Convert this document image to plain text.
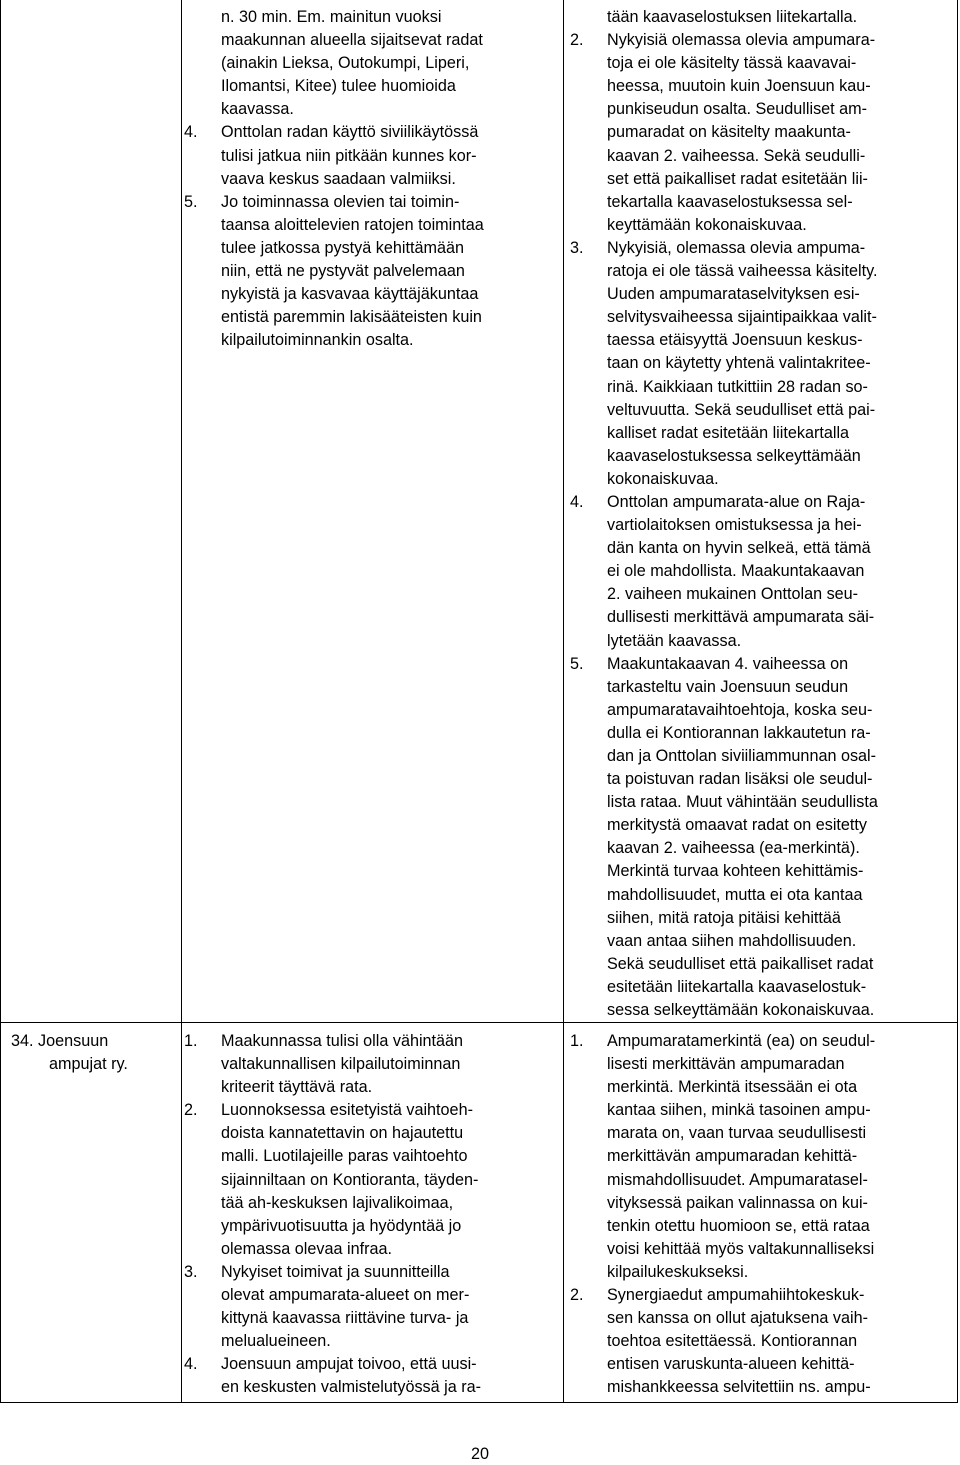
n. 30 min. Em. mainitun vuoksi
maakunnan alueella sijaitsevat radat
(ainakin Lieksa, Outokumpi, Liperi,
Ilomantsi, Kitee) tulee huomioida
kaavassa.
4. Onttolan radan käyttö siviilikäytössä
tulisi jatkua niin pitkään kunnes kor-
vaava keskus saadaan valmiiksi.
5. Jo toiminnassa olevien tai toimin-
taansa aloittelevien ratojen toimintaa
tulee jatkossa pystyä kehittämään
niin, että ne pystyvät palvelemaan
nykyistä ja kasvavaa käyttäjäkuntaa
entistä paremmin lakisääteisten kuin
kilpailutoiminnankin osalta.
tään kaavaselostuksen liitekartalla.
2. Nykyisiä olemassa olevia ampumara-
toja ei ole käsitelty tässä kaavavai-
heessa, muutoin kuin Joensuun kau-
punkiseudun osalta. Seudulliset am-
pumaradat on käsitelty maakunta-
kaavan 2. vaiheessa. Sekä seudulli-
set että paikalliset radat esitetään lii-
tekartalla kaavaselostuksessa sel-
keyttämään kokonaiskuvaa.
3. Nykyisiä, olemassa olevia ampuma-
ratoja ei ole tässä vaiheessa käsitelty.
Uuden ampumarataselvityksen esi-
selvitysvaiheessa sijaintipaikkaa valit-
taessa etäisyyttä Joensuun keskus-
taan on käytetty yhtenä valintakritee-
rinä. Kaikkiaan tutkittiin 28 radan so-
veltuvuutta. Sekä seudulliset että pai-
kalliset radat esitetään liitekartalla
kaavaselostuksessa selkeyttämään
kokonaiskuvaa.
4. Onttolan ampumarata-alue on Raja-
vartiolaitoksen omistuksessa ja hei-
dän kanta on hyvin selkeä, että tämä
ei ole mahdollista. Maakuntakaavan
2. vaiheen mukainen Onttolan seu-
dullisesti merkittävä ampumarata säi-
lytetään kaavassa.
5. Maakuntakaavan 4. vaiheessa on
tarkasteltu vain Joensuun seudun
ampumaratavaihtoehtoja, koska seu-
dulla ei Kontiorannan lakkautetun ra-
dan ja Onttolan siviiliammunnan osal-
ta poistuvan radan lisäksi ole seudul-
lista rataa. Muut vähintään seudullista
merkitystä omaavat radat on esitetty
kaavan 2. vaiheessa (ea-merkintä).
Merkintä turvaa kohteen kehittämis-
mahdollisuudet, mutta ei ota kantaa
siihen, mitä ratoja pitäisi kehittää
vaan antaa siihen mahdollisuuden.
Sekä seudulliset että paikalliset radat
esitetään liitekartalla kaavaselostuk-
sessa selkeyttämään kokonaiskuvaa.
34. Joensuun
ampujat ry.
1. Maakunnassa tulisi olla vähintään
valtakunnallisen kilpailutoiminnan
kriteerit täyttävä rata.
2. Luonnoksessa esitetyistä vaihtoeh-
doista kannatettavin on hajautettu
malli. Luotilajeille paras vaihtoehto
sijainniltaan on Kontioranta, täyden-
tää ah-keskuksen lajivalikoimaa,
ympärivuotisuutta ja hyödyntää jo
olemassa olevaa infraa.
3. Nykyiset toimivat ja suunnitteilla
olevat ampumarata-alueet on mer-
kittynä kaavassa riittävine turva- ja
melualueineen.
4. Joensuun ampujat toivoo, että uusi-
en keskusten valmistelutyössä ja ra-
1. Ampumaratamerkintä (ea) on seudul-
lisesti merkittävän ampumaradan
merkintä. Merkintä itsessään ei ota
kantaa siihen, minkä tasoinen ampu-
marata on, vaan turvaa seudullisesti
merkittävän ampumaradan kehittä-
mismahdollisuudet. Ampumaratasel-
vityksessä paikan valinnassa on kui-
tenkin otettu huomioon se, että rataa
voisi kehittää myös valtakunnalliseksi
kilpailukeskukseksi.
2. Synergiaedut ampumahiihtokeskuk-
sen kanssa on ollut ajatuksena vaih-
toehtoa esitettäessä. Kontiorannan
entisen varuskunta-alueen kehittä-
mishankkeessa selvitettiin ns. ampu-
20
